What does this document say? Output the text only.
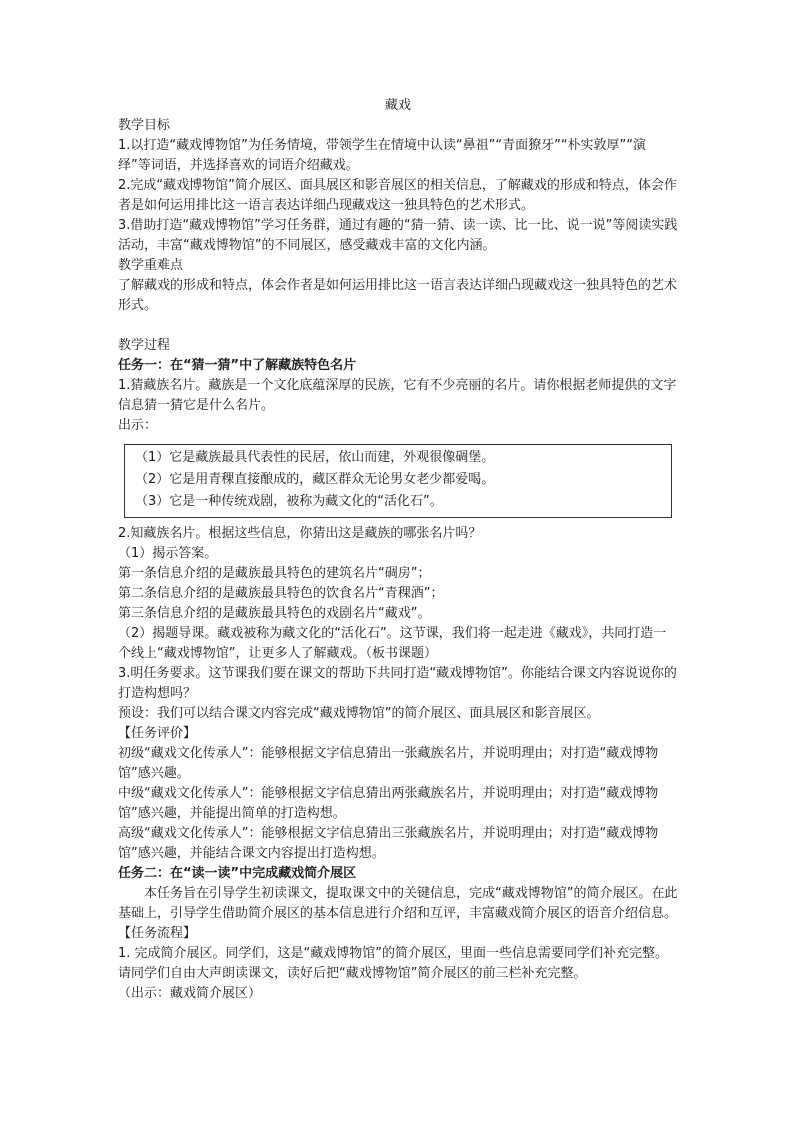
藏戏
教学目标
1.以打造“藏戏博物馆”为任务情境，带领学生在情境中认读“鼻祖”“青面獠牙”“朴实敦厚”“演绎”等词语，并选择喜欢的词语介绍藏戏。
2.完成“藏戏博物馆”简介展区、面具展区和影音展区的相关信息，了解藏戏的形成和特点，体会作者是如何运用排比这一语言表达详细凸现藏戏这一独具特色的艺术形式。
3.借助打造“藏戏博物馆”学习任务群，通过有趣的“猜一猜、读一读、比一比、说一说”等阅读实践活动，丰富“藏戏博物馆”的不同展区，感受藏戏丰富的文化内涵。
教学重难点
了解藏戏的形成和特点，体会作者是如何运用排比这一语言表达详细凸现藏戏这一独具特色的艺术形式。
教学过程
任务一：在“猜一猜”中了解藏族特色名片
1.猜藏族名片。藏族是一个文化底蕴深厚的民族，它有不少亮丽的名片。请你根据老师提供的文字信息猜一猜它是什么名片。
出示：
（1）它是藏族最具代表性的民居，依山而建，外观很像碉堡。
（2）它是用青稞直接酿成的，藏区群众无论男女老少都爱喝。
（3）它是一种传统戏剧，被称为藏文化的“活化石”。
2.知藏族名片。根据这些信息，你猜出这是藏族的哪张名片吗？
（1）揭示答案。
第一条信息介绍的是藏族最具特色的建筑名片“碉房”；
第二条信息介绍的是藏族最具特色的饮食名片“青稞酒”；
第三条信息介绍的是藏族最具特色的戏剧名片“藏戏”。
（2）揭题导课。藏戏被称为藏文化的“活化石”。这节课，我们将一起走进《藏戏》，共同打造一个线上“藏戏博物馆”，让更多人了解藏戏。（板书课题）
3.明任务要求。这节课我们要在课文的帮助下共同打造“藏戏博物馆”。你能结合课文内容说说你的打造构想吗？
预设：我们可以结合课文内容完成“藏戏博物馆”的简介展区、面具展区和影音展区。
【任务评价】
初级“藏戏文化传承人”：能够根据文字信息猜出一张藏族名片，并说明理由；对打造“藏戏博物馆”感兴趣。
中级“藏戏文化传承人”：能够根据文字信息猜出两张藏族名片，并说明理由；对打造“藏戏博物馆”感兴趣，并能提出简单的打造构想。
高级“藏戏文化传承人”：能够根据文字信息猜出三张藏族名片，并说明理由；对打造“藏戏博物馆”感兴趣，并能结合课文内容提出打造构想。
任务二：在“读一读”中完成藏戏简介展区
本任务旨在引导学生初读课文，提取课文中的关键信息，完成“藏戏博物馆”的简介展区。在此基础上，引导学生借助简介展区的基本信息进行介绍和互评，丰富藏戏简介展区的语音介绍信息。
【任务流程】
1. 完成简介展区。同学们，这是“藏戏博物馆”的简介展区，里面一些信息需要同学们补充完整。请同学们自由大声朗读课文，读好后把“藏戏博物馆”简介展区的前三栏补充完整。
（出示：藏戏简介展区）
